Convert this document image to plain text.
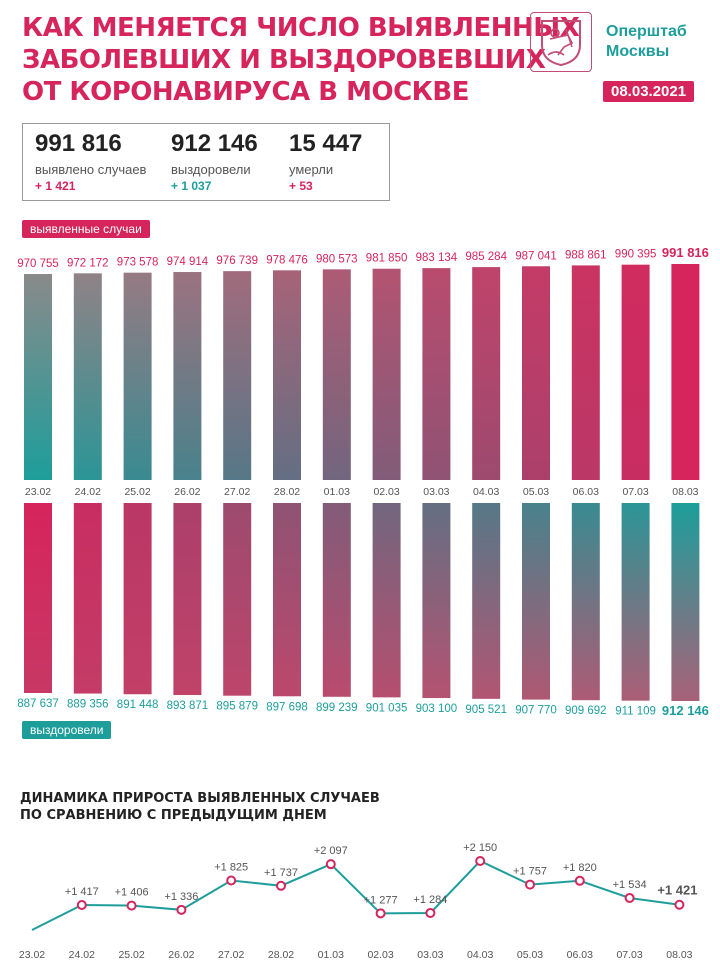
КАК МЕНЯЕТСЯ ЧИСЛО ВЫЯВЛЕННЫХ
ЗАБОЛЕВШИХ И ВЫЗДОРОВЕВШИХ
ОТ КОРОНАВИРУСА В МОСКВЕ
Оперштаб
Москвы
08.03.2021
991 816
выявлено случаев
+ 1 421
912 146
выздоровели
+ 1 037
15 447
умерли
+ 53
выявленные случаи
выздоровели
970 755
23.02
972 172
24.02
973 578
25.02
974 914
26.02
976 739
27.02
978 476
28.02
980 573
01.03
981 850
02.03
983 134
03.03
985 284
04.03
987 041
05.03
988 861
06.03
990 395
07.03
991 816
08.03
887 637 889 356 891 448 893 871 895 879 897 698 899 239 901 035 903 100 905 521 907 770 909 692 911 109 912 146
23.02 24.02
+1 417
25.02
+1 406
26.02
+1 336
27.02
+1 825
28.02
+1 737
01.03
+2 097
02.03
+1 277
03.03
+1 284
04.03
+2 150
05.03
+1 757
06.03
+1 820
07.03
+1 534
08.03
+1 421
ДИНАМИКА ПРИРОСТА ВЫЯВЛЕННЫХ СЛУЧАЕВ
ПО СРАВНЕНИЮ С ПРЕДЫДУЩИМ ДНЕМ
